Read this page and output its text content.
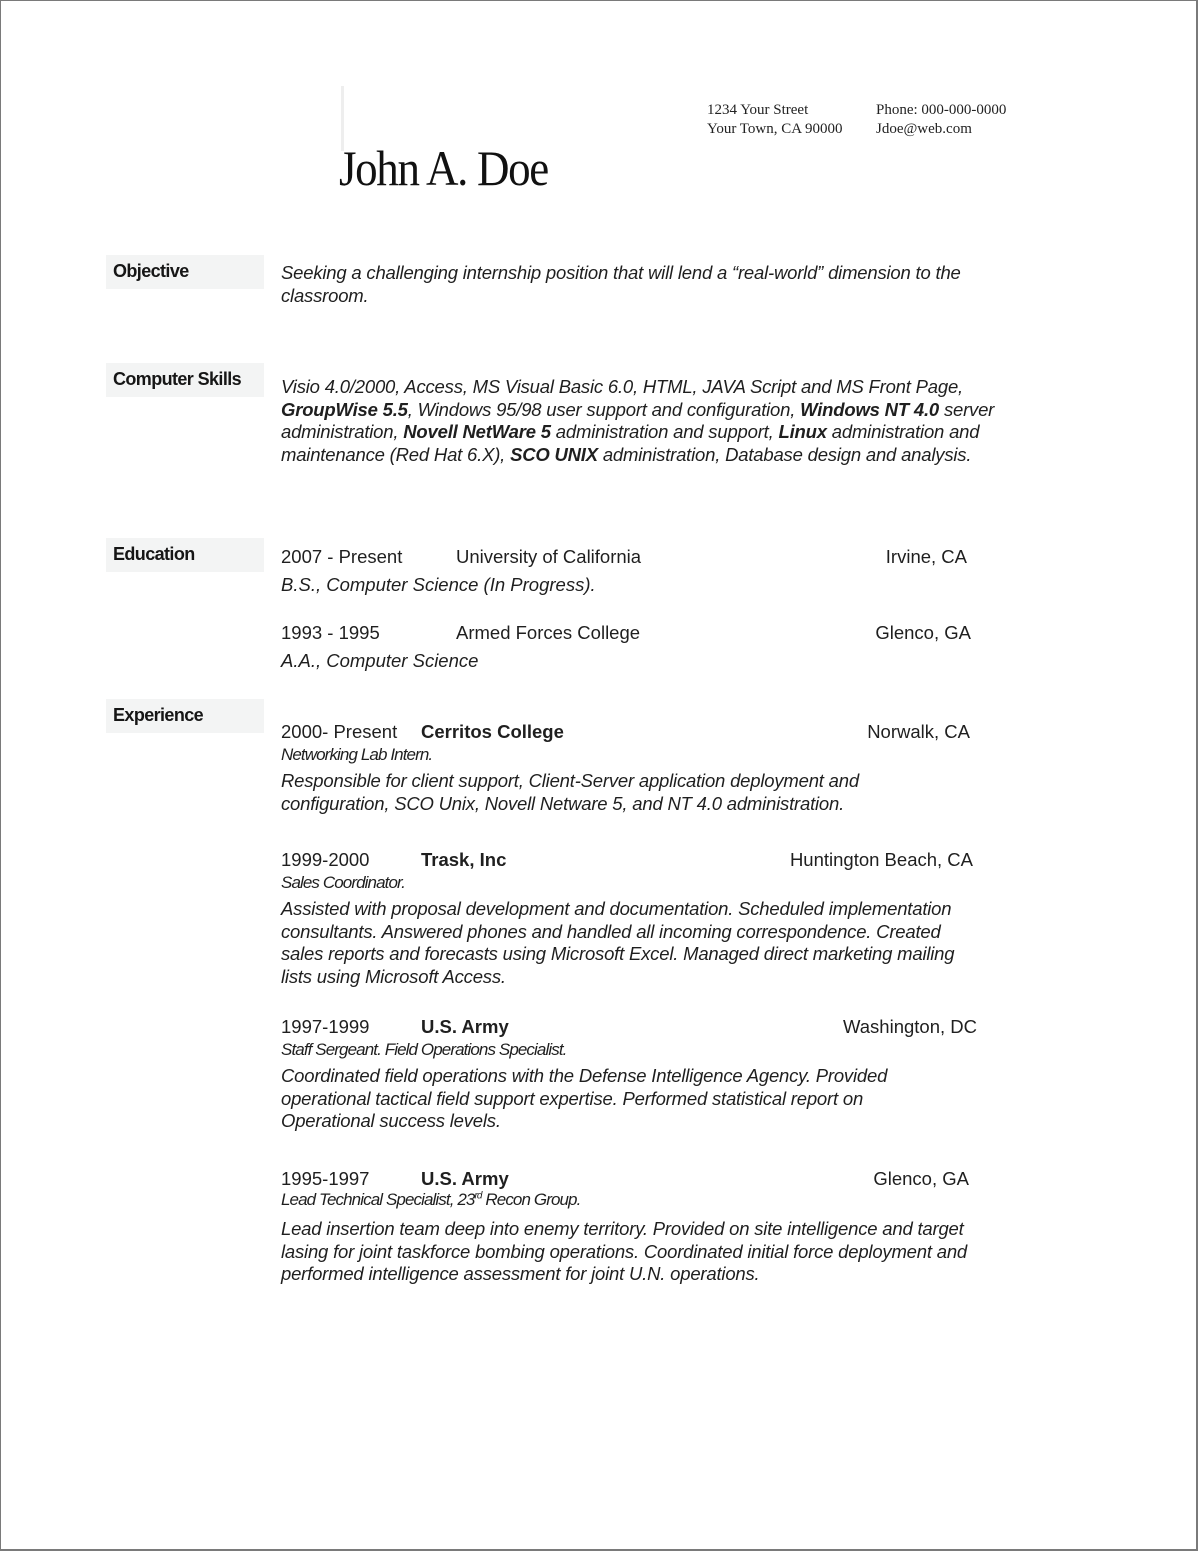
John A. Doe
1234 Your Street
Your Town, CA 90000
Phone: 000-000-0000
Jdoe@web.com
Objective	Seeking a challenging internship position that will lend a “real-world” dimension to the classroom.
Computer Skills	Visio 4.0/2000, Access, MS Visual Basic 6.0, HTML, JAVA Script and MS Front Page, GroupWise 5.5, Windows 95/98 user support and configuration, Windows NT 4.0 server administration, Novell NetWare 5 administration and support, Linux administration and maintenance (Red Hat 6.X), SCO UNIX administration, Database design and analysis.
Education	2007 - Present	University of California	Irvine, CA
B.S., Computer Science (In Progress).
1993 - 1995	Armed Forces College	Glenco, GA
A.A., Computer Science
Experience
2000- Present Cerritos College	Norwalk, CA
Networking Lab Intern.
Responsible for client support, Client-Server application deployment and configuration, SCO Unix, Novell Netware 5, and NT 4.0 administration.
1999-2000	Trask, Inc	Huntington Beach, CA
Sales Coordinator.
Assisted with proposal development and documentation. Scheduled implementation consultants. Answered phones and handled all incoming correspondence. Created sales reports and forecasts using Microsoft Excel. Managed direct marketing mailing lists using Microsoft Access.
1997-1999	U.S. Army	Washington, DC
Staff Sergeant. Field Operations Specialist.
Coordinated field operations with the Defense Intelligence Agency. Provided operational tactical field support expertise. Performed statistical report on Operational success levels.
1995-1997	U.S. Army	Glenco, GA
Lead Technical Specialist, 23rd Recon Group.
Lead insertion team deep into enemy territory. Provided on site intelligence and target lasing for joint taskforce bombing operations. Coordinated initial force deployment and performed intelligence assessment for joint U.N. operations.
